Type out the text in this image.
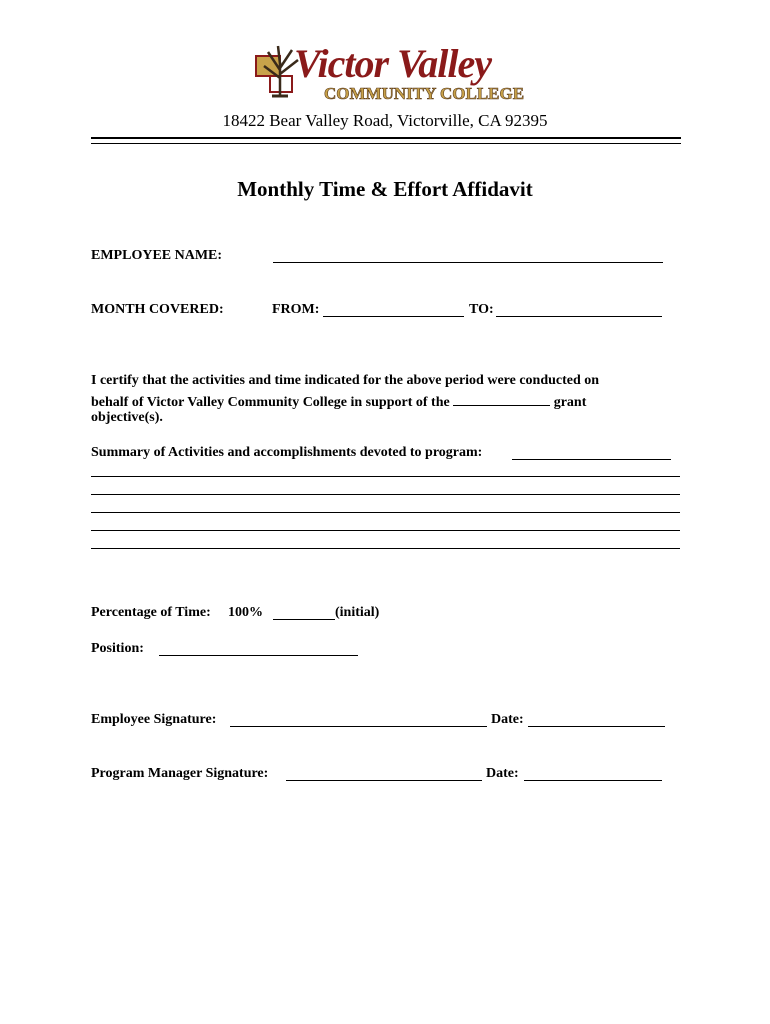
Victor Valley
COMMUNITY COLLEGE
18422 Bear Valley Road, Victorville, CA 92395
Monthly Time & Effort Affidavit
EMPLOYEE NAME:
MONTH COVERED:	FROM:	TO:
I certify that the activities and time indicated for the above period were conducted on
behalf of Victor Valley Community College in support of the	grant
objective(s).
Summary of Activities and accomplishments devoted to program:
Percentage of Time: 100%	(initial)
Position:
Employee Signature:	Date:
Program Manager Signature:	Date:
